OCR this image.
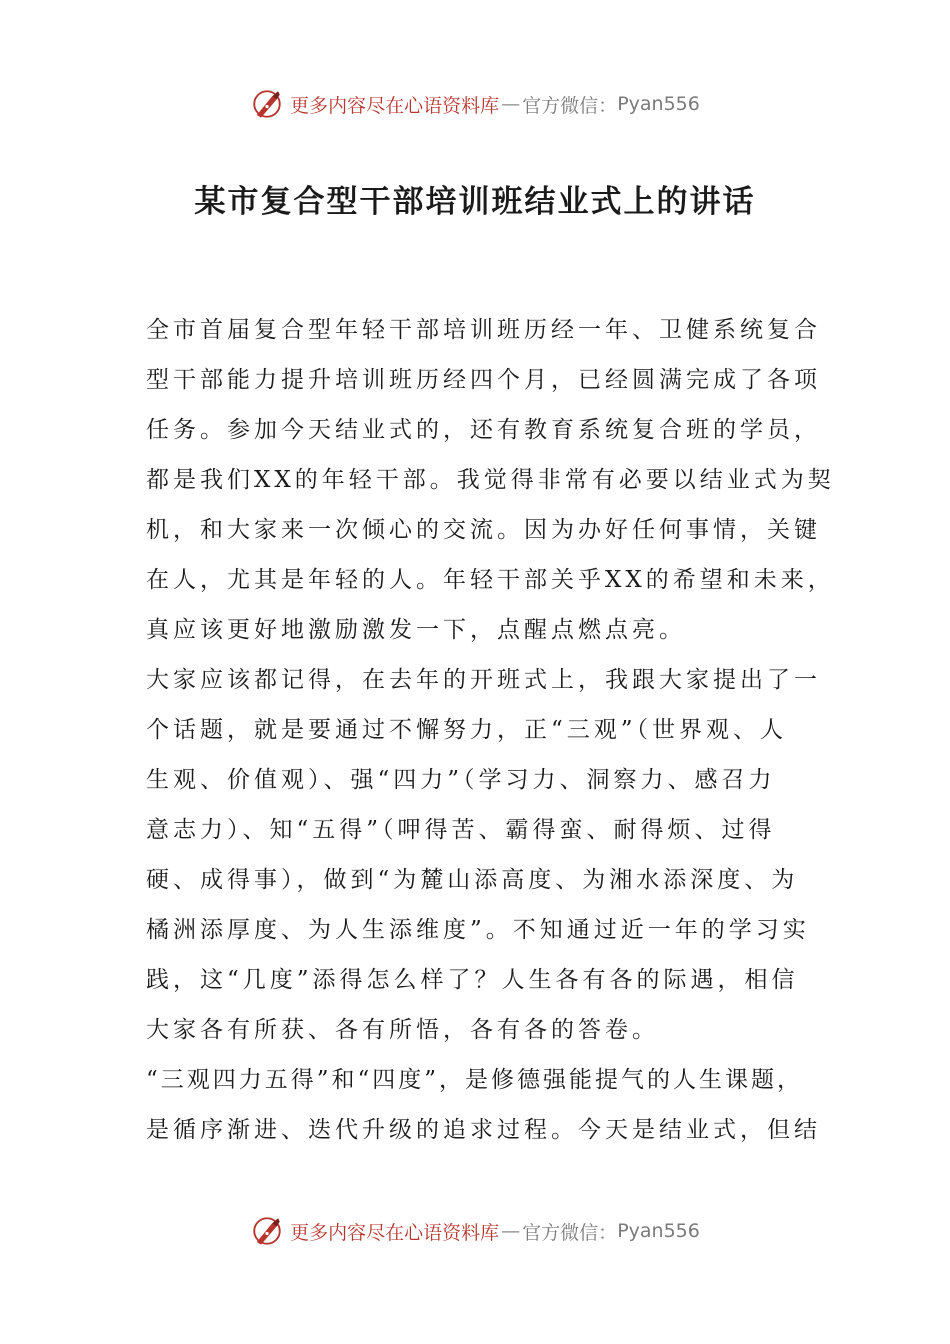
更多内容尽在心语资料库 — 官方微信： Pyan556
某市复合型干部培训班结业式上的讲话
全市首届复合型年轻干部培训班历经一年、卫健系统复合
型干部能力提升培训班历经四个月，已经圆满完成了各项
任务。参加今天结业式的，还有教育系统复合班的学员，
都是我们XX的年轻干部。我觉得非常有必要以结业式为契
机，和大家来一次倾心的交流。因为办好任何事情，关键
在人，尤其是年轻的人。年轻干部关乎XX的希望和未来，
真应该更好地激励激发一下，点醒点燃点亮。
大家应该都记得，在去年的开班式上，我跟大家提出了一
个话题，就是要通过不懈努力，正“三观”（世界观、人
生观、价值观）、强“四力”（学习力、洞察力、感召力
意志力）、知“五得”（呷得苦、霸得蛮、耐得烦、过得
硬、成得事），做到“为麓山添高度、为湘水添深度、为
橘洲添厚度、为人生添维度”。不知通过近一年的学习实
践，这“几度”添得怎么样了？人生各有各的际遇，相信
大家各有所获、各有所悟，各有各的答卷。
“三观四力五得”和“四度”，是修德强能提气的人生课题，
是循序渐进、迭代升级的追求过程。今天是结业式，但结
更多内容尽在心语资料库 — 官方微信： Pyan556
